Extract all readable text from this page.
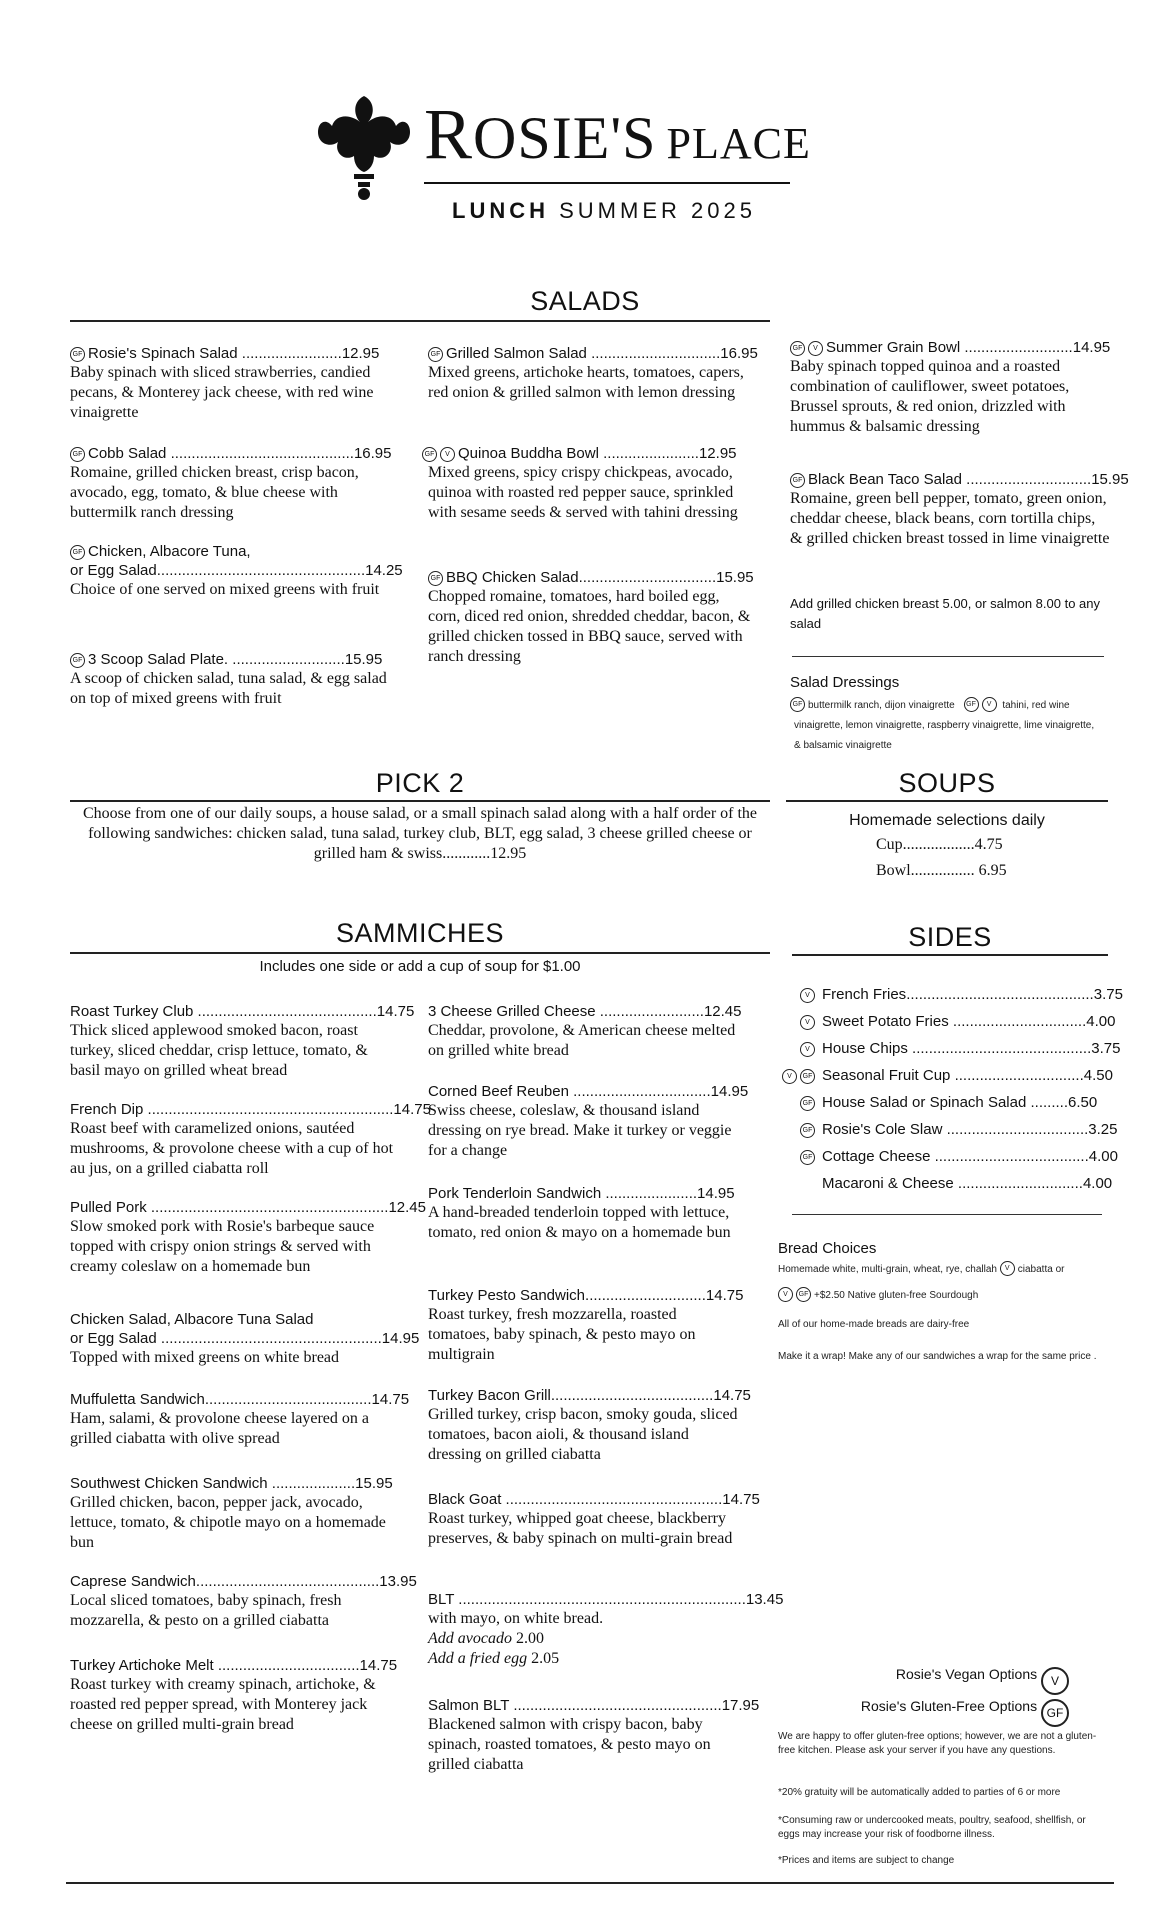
ROSIE'S PLACE
LUNCH SUMMER 2025
SALADS
GF Rosie's Spinach Salad ........................12.95
Baby spinach with sliced strawberries, candied pecans, & Monterey jack cheese, with red wine vinaigrette
GF Cobb Salad ............................................16.95
Romaine, grilled chicken breast, crisp bacon, avocado, egg, tomato, & blue cheese with buttermilk ranch dressing
GF Chicken, Albacore Tuna,
or Egg Salad..................................................14.25
Choice of one served on mixed greens with fruit
GF 3 Scoop Salad Plate. ...........................15.95
A scoop of chicken salad, tuna salad, & egg salad on top of mixed greens with fruit
GF Grilled Salmon Salad ...............................16.95
Mixed greens, artichoke hearts, tomatoes, capers, red onion & grilled salmon with lemon dressing
GF V Quinoa Buddha Bowl .......................12.95
Mixed greens, spicy crispy chickpeas, avocado, quinoa with roasted red pepper sauce, sprinkled with sesame seeds & served with tahini dressing
GF BBQ Chicken Salad.................................15.95
Chopped romaine, tomatoes, hard boiled egg, corn, diced red onion, shredded cheddar, bacon, & grilled chicken tossed in BBQ sauce, served with ranch dressing
GF V Summer Grain Bowl ..........................14.95
Baby spinach topped quinoa and a roasted combination of cauliflower, sweet potatoes, Brussel sprouts, & red onion, drizzled with hummus & balsamic dressing
GF Black Bean Taco Salad ..............................15.95
Romaine, green bell pepper, tomato, green onion, cheddar cheese, black beans, corn tortilla chips, & grilled chicken breast tossed in lime vinaigrette
Add grilled chicken breast 5.00, or salmon 8.00 to any salad
Salad Dressings
GF buttermilk ranch, dijon vinaigrette GF V tahini, red wine
vinaigrette, lemon vinaigrette, raspberry vinaigrette, lime vinaigrette,
& balsamic vinaigrette
PICK 2
Choose from one of our daily soups, a house salad, or a small spinach salad along with a half order of the following sandwiches: chicken salad, tuna salad, turkey club, BLT, egg salad, 3 cheese grilled cheese or grilled ham & swiss............12.95
SOUPS
Homemade selections daily
Cup..................4.75
Bowl................ 6.95
SAMMICHES
Includes one side or add a cup of soup for $1.00
Roast Turkey Club ...........................................14.75
Thick sliced applewood smoked bacon, roast turkey, sliced cheddar, crisp lettuce, tomato, & basil mayo on grilled wheat bread
French Dip ...........................................................14.75
Roast beef with caramelized onions, sautéed mushrooms, & provolone cheese with a cup of hot au jus, on a grilled ciabatta roll
Pulled Pork .........................................................12.45
Slow smoked pork with Rosie's barbeque sauce topped with crispy onion strings & served with creamy coleslaw on a homemade bun
Chicken Salad, Albacore Tuna Salad
or Egg Salad .....................................................14.95
Topped with mixed greens on white bread
Muffuletta Sandwich........................................14.75
Ham, salami, & provolone cheese layered on a grilled ciabatta with olive spread
Southwest Chicken Sandwich ....................15.95
Grilled chicken, bacon, pepper jack, avocado, lettuce, tomato, & chipotle mayo on a homemade bun
Caprese Sandwich............................................13.95
Local sliced tomatoes, baby spinach, fresh mozzarella, & pesto on a grilled ciabatta
Turkey Artichoke Melt ..................................14.75
Roast turkey with creamy spinach, artichoke, & roasted red pepper spread, with Monterey jack cheese on grilled multi-grain bread
3 Cheese Grilled Cheese .........................12.45
Cheddar, provolone, & American cheese melted on grilled white bread
Corned Beef Reuben .................................14.95
Swiss cheese, coleslaw, & thousand island dressing on rye bread. Make it turkey or veggie for a change
Pork Tenderloin Sandwich ......................14.95
A hand-breaded tenderloin topped with lettuce, tomato, red onion & mayo on a homemade bun
Turkey Pesto Sandwich.............................14.75
Roast turkey, fresh mozzarella, roasted tomatoes, baby spinach, & pesto mayo on multigrain
Turkey Bacon Grill.......................................14.75
Grilled turkey, crisp bacon, smoky gouda, sliced tomatoes, bacon aioli, & thousand island dressing on grilled ciabatta
Black Goat ....................................................14.75
Roast turkey, whipped goat cheese, blackberry preserves, & baby spinach on multi-grain bread
BLT .....................................................................13.45
with mayo, on white bread.
Add avocado 2.00
Add a fried egg 2.05
Salmon BLT ..................................................17.95
Blackened salmon with crispy bacon, baby spinach, roasted tomatoes, & pesto mayo on grilled ciabatta
SIDES
V French Fries.............................................3.75
V Sweet Potato Fries ................................4.00
V House Chips ...........................................3.75
V GF Seasonal Fruit Cup ...............................4.50
GF House Salad or Spinach Salad .........6.50
GF Rosie's Cole Slaw ..................................3.25
GF Cottage Cheese .....................................4.00
Macaroni & Cheese ..............................4.00
Bread Choices
Homemade white, multi-grain, wheat, rye, challah V ciabatta or
V GF +$2.50 Native gluten-free Sourdough
All of our home-made breads are dairy-free
Make it a wrap! Make any of our sandwiches a wrap for the same price .
Rosie's Vegan Options V
Rosie's Gluten-Free Options GF
We are happy to offer gluten-free options; however, we are not a gluten-free kitchen. Please ask your server if you have any questions.
*20% gratuity will be automatically added to parties of 6 or more
*Consuming raw or undercooked meats, poultry, seafood, shellfish, or eggs may increase your risk of foodborne illness.
*Prices and items are subject to change
